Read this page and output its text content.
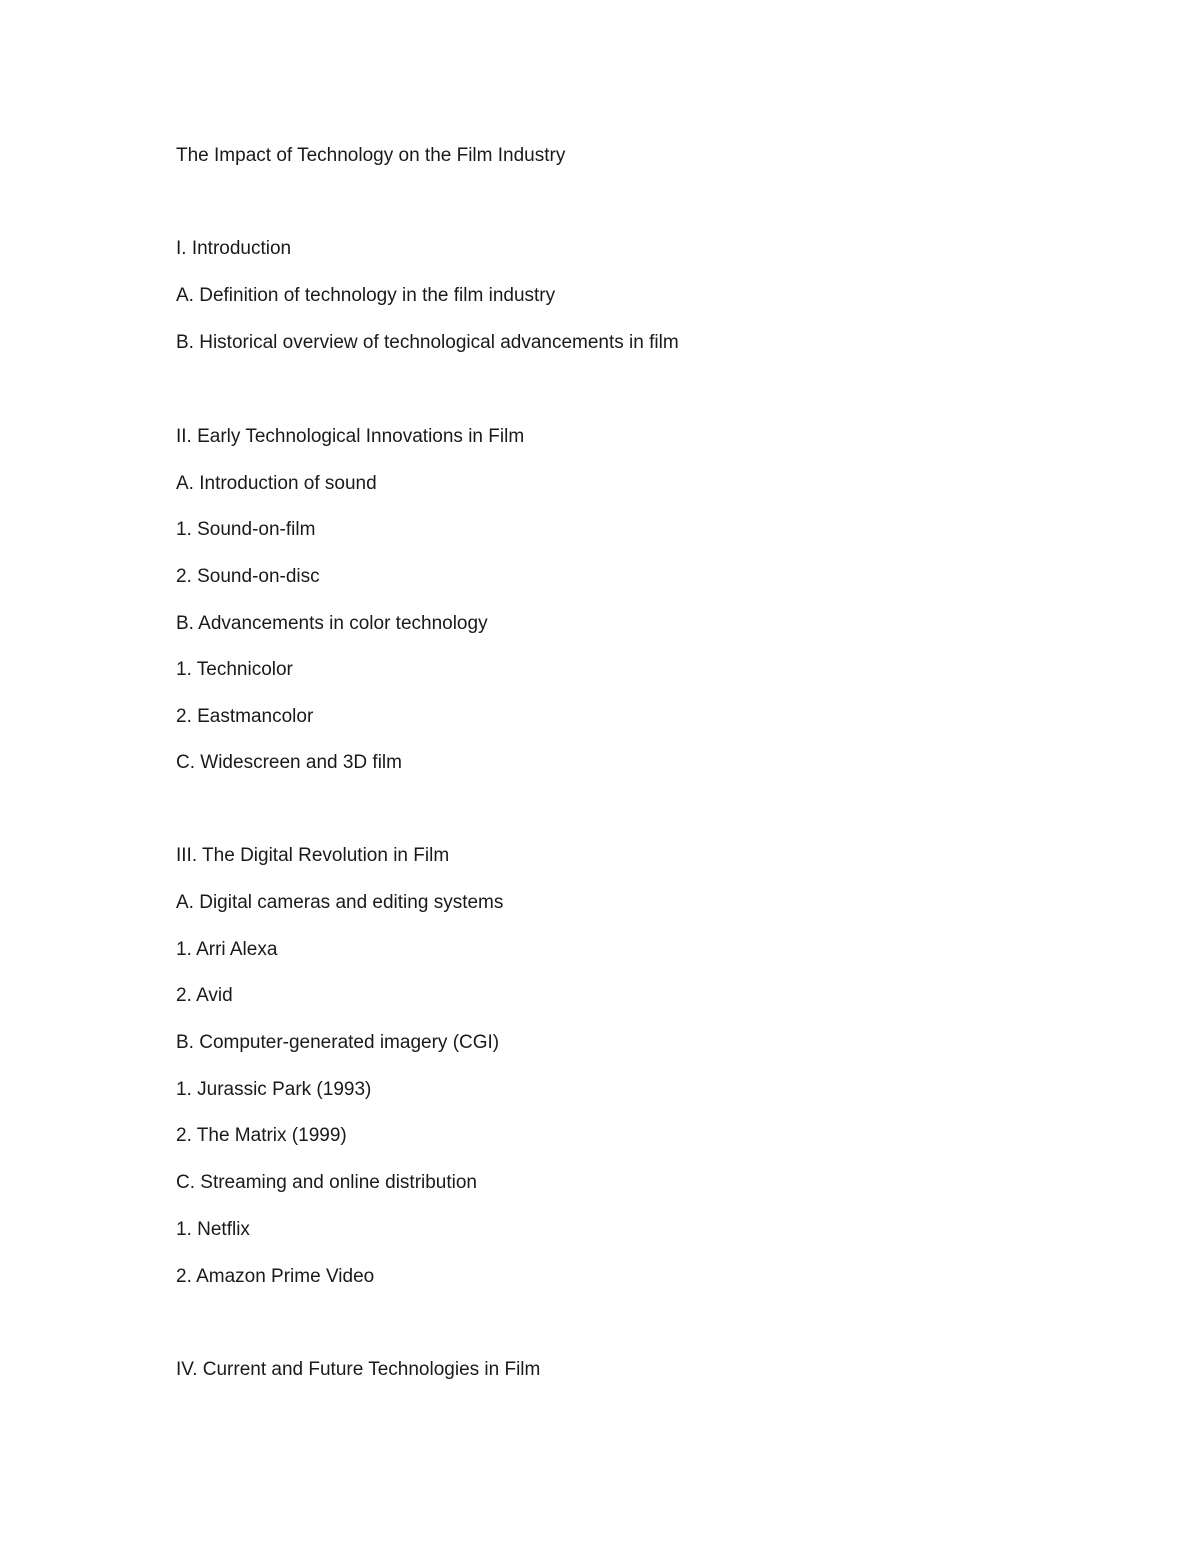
The Impact of Technology on the Film Industry

I. Introduction

A. Definition of technology in the film industry

B. Historical overview of technological advancements in film

II. Early Technological Innovations in Film

A. Introduction of sound

1. Sound-on-film

2. Sound-on-disc

B. Advancements in color technology

1. Technicolor

2. Eastmancolor

C. Widescreen and 3D film

III. The Digital Revolution in Film

A. Digital cameras and editing systems

1. Arri Alexa

2. Avid

B. Computer-generated imagery (CGI)

1. Jurassic Park (1993)

2. The Matrix (1999)

C. Streaming and online distribution

1. Netflix

2. Amazon Prime Video

IV. Current and Future Technologies in Film
